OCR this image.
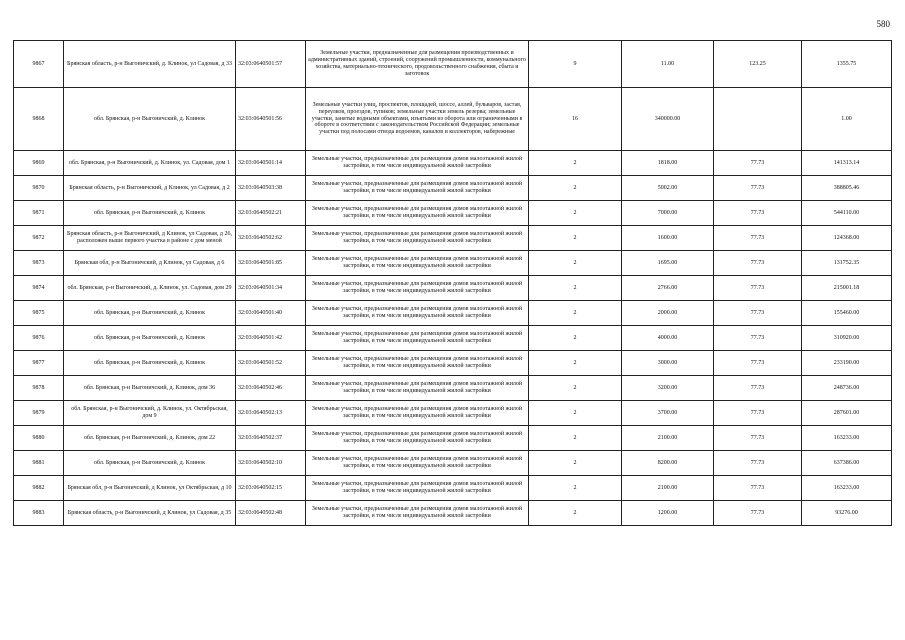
580
9867	Брянская область, р-н Выгоничский, д. Клинок, ул Садовая, д 33	32:03:0640501:57	Земельные участки, предназначенные для размещения производственных и административных зданий, строений, сооружений промышленности, коммунального хозяйства, материально-технического, продовольственного снабжения, сбыта и заготовок	9	11.00	123.25	1355.75
9868	обл. Брянская, р-н Выгоничский, д. Клинок	32:03:0640501:56	Земельные участки улиц, проспектов, площадей, шоссе, аллей, бульваров, застав, переулков, проездов, тупиков; земельные участки земель резерва; земельные участки, занятые водными объектами, изъятыми из оборота или ограниченными в обороте в соответствии с законодательством Российской Федерации; земельные участки под полосами отвода водоемов, каналов и коллекторов, набережные	16	340000.00		1.00
9869	обл. Брянская, р-н Выгоничский, д. Клинок, ул. Садовая, дом 1	32:03:0640501:14	Земельные участки, предназначенные для размещения домов малоэтажной жилой застройки, в том числе индивидуальной жилой застройки	2	1818.00	77.73	141313.14
9870	Брянская область, р-н Выгоничский, д Клинок, ул Садовая, д 2	32:03:0640503:38	Земельные участки, предназначенные для размещения домов малоэтажной жилой застройки, в том числе индивидуальной жилой застройки	2	5002.00	77.73	388805.46
9871	обл. Брянская, р-н Выгоничский, д. Клинок	32:03:0640502:21	Земельные участки, предназначенные для размещения домов малоэтажной жилой застройки, в том числе индивидуальной жилой застройки	2	7000.00	77.73	544110.00
9872	Брянская область, р-н Выгоничский, д Клинок, ул Садовая, д 26, расположен выше первого участка в районе с дом меной	32:03:0640502:62	Земельные участки, предназначенные для размещения домов малоэтажной жилой застройки, в том числе индивидуальной жилой застройки	2	1600.00	77.73	124368.00
9873	Брянская обл, р-н Выгоничский, д Клинок, ул Садовая, д 6	32:03:0640501:85	Земельные участки, предназначенные для размещения домов малоэтажной жилой застройки, в том числе индивидуальной жилой застройки	2	1695.00	77.73	131752.35
9874	обл. Брянская, р-н Выгоничский, д. Клинок, ул. Садовая, дом 29	32:03:0640501:34	Земельные участки, предназначенные для размещения домов малоэтажной жилой застройки, в том числе индивидуальной жилой застройки	2	2766.00	77.73	215001.18
9875	обл. Брянская, р-н Выгоничский, д. Клинок	32:03:0640501:40	Земельные участки, предназначенные для размещения домов малоэтажной жилой застройки, в том числе индивидуальной жилой застройки	2	2000.00	77.73	155460.00
9876	обл. Брянская, р-н Выгоничский, д. Клинок	32:03:0640501:42	Земельные участки, предназначенные для размещения домов малоэтажной жилой застройки, в том числе индивидуальной жилой застройки	2	4000.00	77.73	310920.00
9877	обл. Брянская, р-н Выгоничский, д. Клинок	32:03:0640501:52	Земельные участки, предназначенные для размещения домов малоэтажной жилой застройки, в том числе индивидуальной жилой застройки	2	3000.00	77.73	233190.00
9878	обл. Брянская, р-н Выгоничский, д. Клинок, дом 36	32:03:0640502:46	Земельные участки, предназначенные для размещения домов малоэтажной жилой застройки, в том числе индивидуальной жилой застройки	2	3200.00	77.73	248736.00
9879	обл. Брянская, р-н Выгоничский, д. Клинок, ул. Октябрьская, дом 9	32:03:0640502:13	Земельные участки, предназначенные для размещения домов малоэтажной жилой застройки, в том числе индивидуальной жилой застройки	2	3700.00	77.73	287601.00
9880	обл. Брянская, р-н Выгоничский, д. Клинок, дом 22	32:03:0640502:37	Земельные участки, предназначенные для размещения домов малоэтажной жилой застройки, в том числе индивидуальной жилой застройки	2	2100.00	77.73	163233.00
9881	обл. Брянская, р-н Выгоничский, д. Клинок	32:03:0640502:10	Земельные участки, предназначенные для размещения домов малоэтажной жилой застройки, в том числе индивидуальной жилой застройки	2	8200.00	77.73	637386.00
9882	Брянская обл, р-н Выгоничский, д Клинок, ул Октябрьская, д 10	32:03:0640502:15	Земельные участки, предназначенные для размещения домов малоэтажной жилой застройки, в том числе индивидуальной жилой застройки	2	2100.00	77.73	163233.00
9883	Брянская область, р-н Выгоничский, д Клинок, ул Садовая, д 35	32:03:0640502:48	Земельные участки, предназначенные для размещения домов малоэтажной жилой застройки, в том числе индивидуальной жилой застройки	2	1200.00	77.73	93276.00
